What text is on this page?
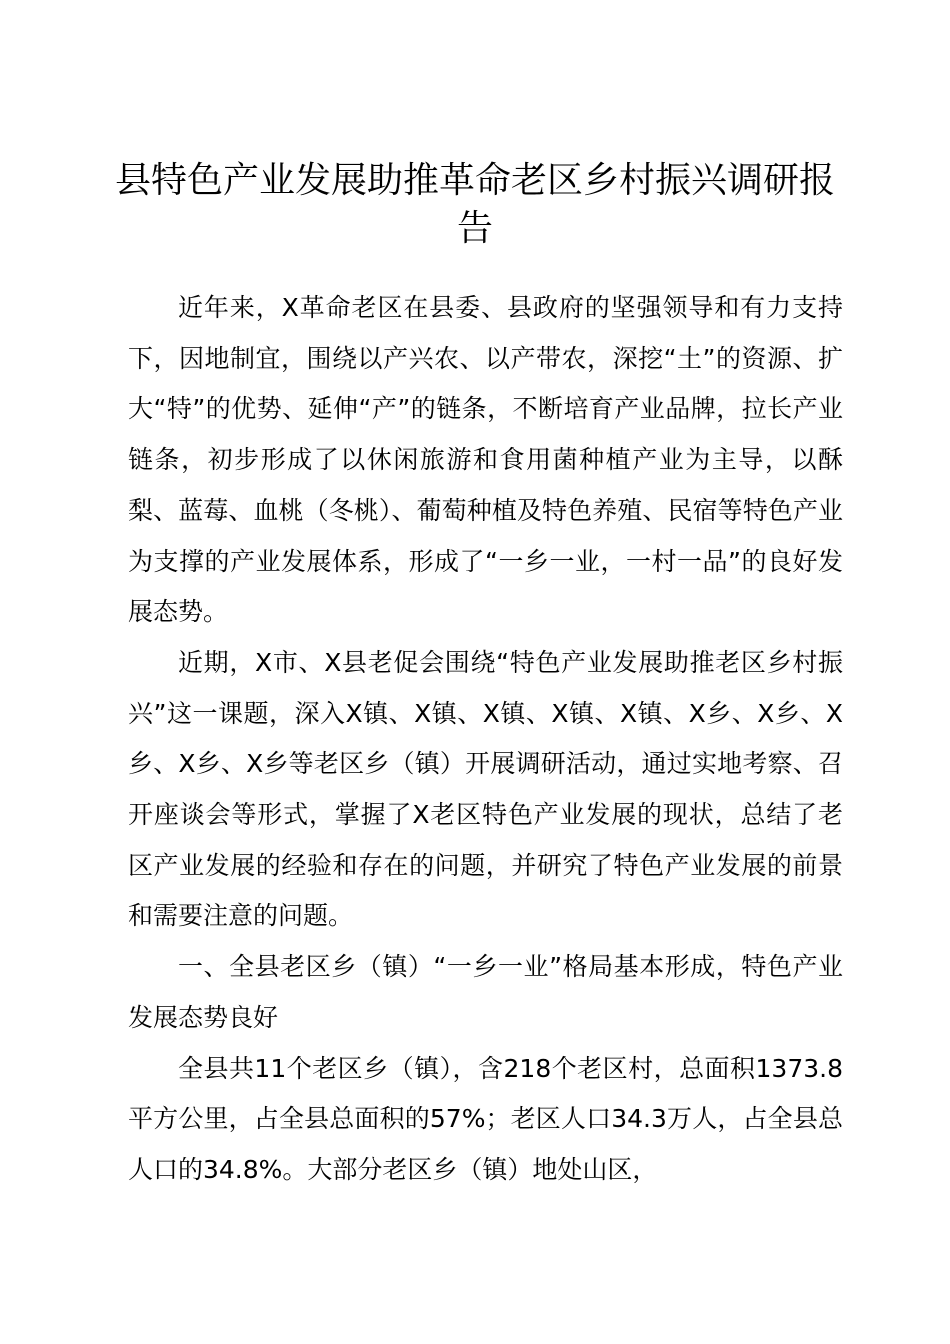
县特色产业发展助推革命老区乡村振兴调研报告

近年来，X革命老区在县委、县政府的坚强领导和有力支持下，因地制宜，围绕以产兴农、以产带农，深挖“土”的资源、扩大“特”的优势、延伸“产”的链条，不断培育产业品牌，拉长产业链条，初步形成了以休闲旅游和食用菌种植产业为主导，以酥梨、蓝莓、血桃（冬桃）、葡萄种植及特色养殖、民宿等特色产业为支撑的产业发展体系，形成了“一乡一业，一村一品”的良好发展态势。

近期，X市、X县老促会围绕“特色产业发展助推老区乡村振兴”这一课题，深入X镇、X镇、X镇、X镇、X镇、X乡、X乡、X乡、X乡、X乡等老区乡（镇）开展调研活动，通过实地考察、召开座谈会等形式，掌握了X老区特色产业发展的现状，总结了老区产业发展的经验和存在的问题，并研究了特色产业发展的前景和需要注意的问题。

一、全县老区乡（镇）“一乡一业”格局基本形成，特色产业发展态势良好

全县共11个老区乡（镇），含218个老区村，总面积1373.8平方公里，占全县总面积的57%；老区人口34.3万人，占全县总人口的34.8%。大部分老区乡（镇）地处山区，
